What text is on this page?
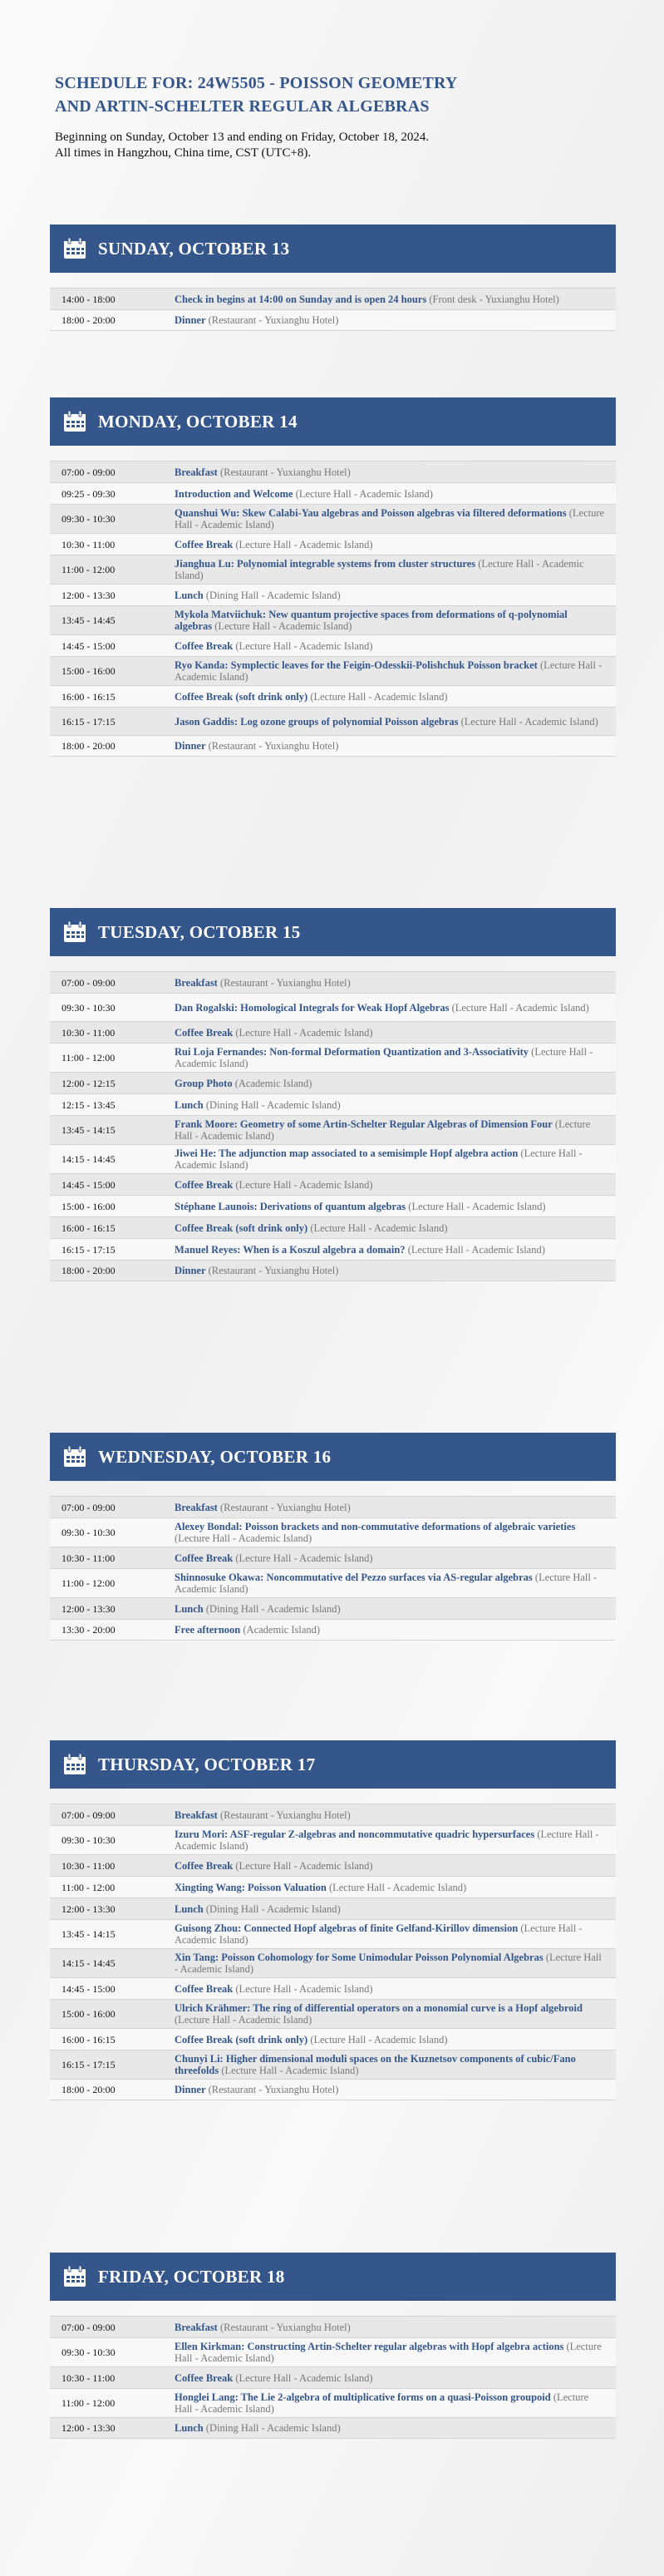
SCHEDULE FOR: 24W5505 - POISSON GEOMETRY
AND ARTIN-SCHELTER REGULAR ALGEBRAS
Beginning on Sunday, October 13 and ending on Friday, October 18, 2024.
All times in Hangzhou, China time, CST (UTC+8).
SUNDAY, OCTOBER 13
14:00 - 18:00	Check in begins at 14:00 on Sunday and is open 24 hours (Front desk - Yuxianghu Hotel)
18:00 - 20:00	Dinner (Restaurant - Yuxianghu Hotel)
MONDAY, OCTOBER 14
07:00 - 09:00	Breakfast (Restaurant - Yuxianghu Hotel)
09:25 - 09:30	Introduction and Welcome (Lecture Hall - Academic Island)
09:30 - 10:30	Quanshui Wu: Skew Calabi-Yau algebras and Poisson algebras via filtered deformations (Lecture Hall - Academic Island)
10:30 - 11:00	Coffee Break (Lecture Hall - Academic Island)
11:00 - 12:00	Jianghua Lu: Polynomial integrable systems from cluster structures (Lecture Hall - Academic Island)
12:00 - 13:30	Lunch (Dining Hall - Academic Island)
13:45 - 14:45	Mykola Matviichuk: New quantum projective spaces from deformations of q-polynomial algebras (Lecture Hall - Academic Island)
14:45 - 15:00	Coffee Break (Lecture Hall - Academic Island)
15:00 - 16:00	Ryo Kanda: Symplectic leaves for the Feigin-Odesskii-Polishchuk Poisson bracket (Lecture Hall - Academic Island)
16:00 - 16:15	Coffee Break (soft drink only) (Lecture Hall - Academic Island)
16:15 - 17:15	Jason Gaddis: Log ozone groups of polynomial Poisson algebras (Lecture Hall - Academic Island)
18:00 - 20:00	Dinner (Restaurant - Yuxianghu Hotel)
TUESDAY, OCTOBER 15
07:00 - 09:00	Breakfast (Restaurant - Yuxianghu Hotel)
09:30 - 10:30	Dan Rogalski: Homological Integrals for Weak Hopf Algebras (Lecture Hall - Academic Island)
10:30 - 11:00	Coffee Break (Lecture Hall - Academic Island)
11:00 - 12:00	Rui Loja Fernandes: Non-formal Deformation Quantization and 3-Associativity (Lecture Hall - Academic Island)
12:00 - 12:15	Group Photo (Academic Island)
12:15 - 13:45	Lunch (Dining Hall - Academic Island)
13:45 - 14:15	Frank Moore: Geometry of some Artin-Schelter Regular Algebras of Dimension Four (Lecture Hall - Academic Island)
14:15 - 14:45	Jiwei He: The adjunction map associated to a semisimple Hopf algebra action (Lecture Hall - Academic Island)
14:45 - 15:00	Coffee Break (Lecture Hall - Academic Island)
15:00 - 16:00	Stéphane Launois: Derivations of quantum algebras (Lecture Hall - Academic Island)
16:00 - 16:15	Coffee Break (soft drink only) (Lecture Hall - Academic Island)
16:15 - 17:15	Manuel Reyes: When is a Koszul algebra a domain? (Lecture Hall - Academic Island)
18:00 - 20:00	Dinner (Restaurant - Yuxianghu Hotel)
WEDNESDAY, OCTOBER 16
07:00 - 09:00	Breakfast (Restaurant - Yuxianghu Hotel)
09:30 - 10:30	Alexey Bondal: Poisson brackets and non-commutative deformations of algebraic varieties (Lecture Hall - Academic Island)
10:30 - 11:00	Coffee Break (Lecture Hall - Academic Island)
11:00 - 12:00	Shinnosuke Okawa: Noncommutative del Pezzo surfaces via AS-regular algebras (Lecture Hall - Academic Island)
12:00 - 13:30	Lunch (Dining Hall - Academic Island)
13:30 - 20:00	Free afternoon (Academic Island)
THURSDAY, OCTOBER 17
07:00 - 09:00	Breakfast (Restaurant - Yuxianghu Hotel)
09:30 - 10:30	Izuru Mori: ASF-regular Z-algebras and noncommutative quadric hypersurfaces (Lecture Hall - Academic Island)
10:30 - 11:00	Coffee Break (Lecture Hall - Academic Island)
11:00 - 12:00	Xingting Wang: Poisson Valuation (Lecture Hall - Academic Island)
12:00 - 13:30	Lunch (Dining Hall - Academic Island)
13:45 - 14:15	Guisong Zhou: Connected Hopf algebras of finite Gelfand-Kirillov dimension (Lecture Hall - Academic Island)
14:15 - 14:45	Xin Tang: Poisson Cohomology for Some Unimodular Poisson Polynomial Algebras (Lecture Hall - Academic Island)
14:45 - 15:00	Coffee Break (Lecture Hall - Academic Island)
15:00 - 16:00	Ulrich Krähmer: The ring of differential operators on a monomial curve is a Hopf algebroid (Lecture Hall - Academic Island)
16:00 - 16:15	Coffee Break (soft drink only) (Lecture Hall - Academic Island)
16:15 - 17:15	Chunyi Li: Higher dimensional moduli spaces on the Kuznetsov components of cubic/Fano threefolds (Lecture Hall - Academic Island)
18:00 - 20:00	Dinner (Restaurant - Yuxianghu Hotel)
FRIDAY, OCTOBER 18
07:00 - 09:00	Breakfast (Restaurant - Yuxianghu Hotel)
09:30 - 10:30	Ellen Kirkman: Constructing Artin-Schelter regular algebras with Hopf algebra actions (Lecture Hall - Academic Island)
10:30 - 11:00	Coffee Break (Lecture Hall - Academic Island)
11:00 - 12:00	Honglei Lang: The Lie 2-algebra of multiplicative forms on a quasi-Poisson groupoid (Lecture Hall - Academic Island)
12:00 - 13:30	Lunch (Dining Hall - Academic Island)
